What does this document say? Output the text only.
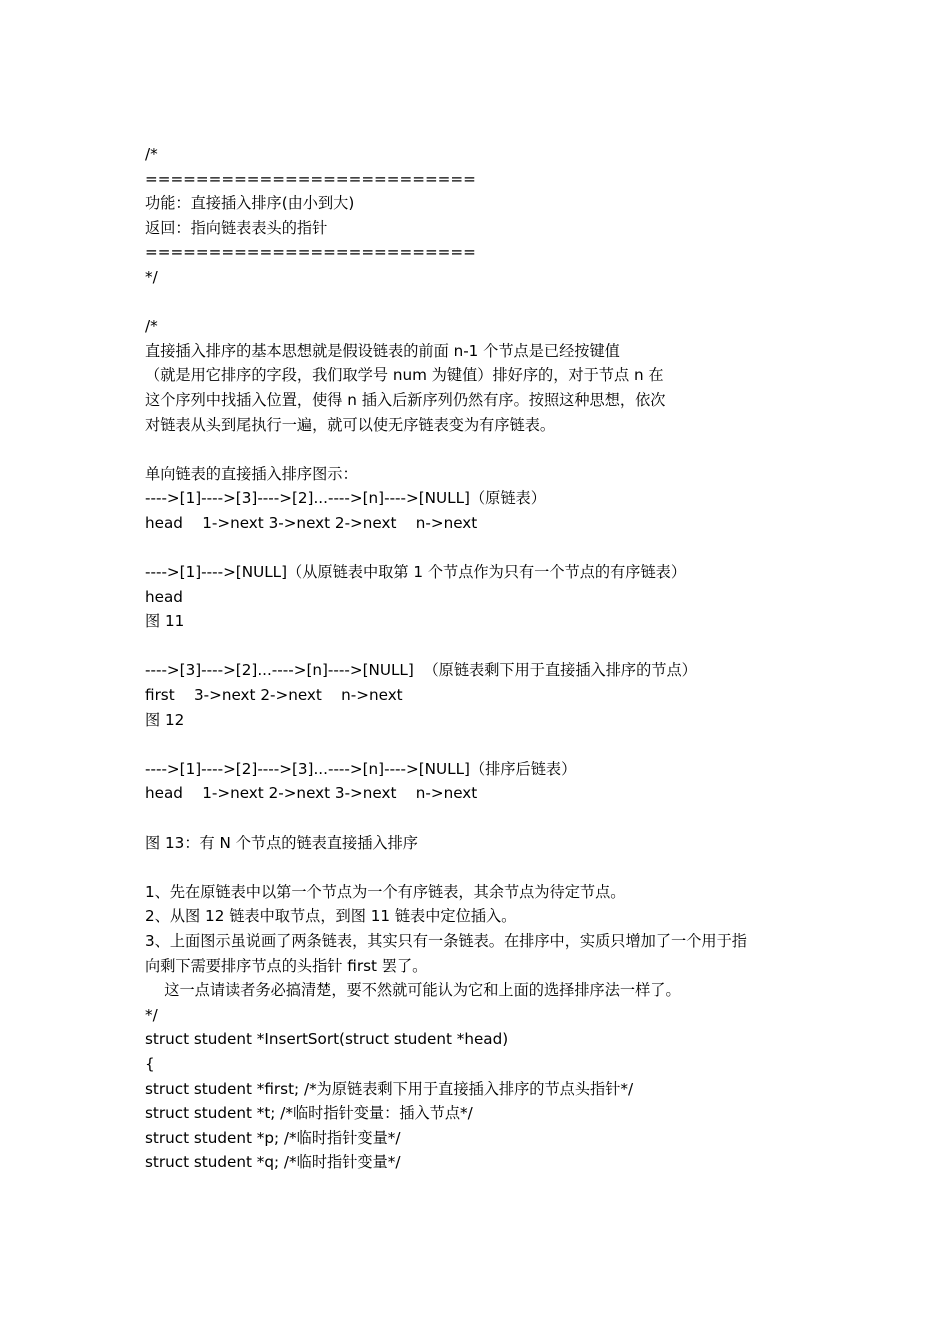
/*
==========================
功能：直接插入排序(由小到大)
返回：指向链表表头的指针
==========================
*/
/*
直接插入排序的基本思想就是假设链表的前面 n-1 个节点是已经按键值
（就是用它排序的字段，我们取学号 num 为键值）排好序的，对于节点 n 在
这个序列中找插入位置，使得 n 插入后新序列仍然有序。按照这种思想，依次
对链表从头到尾执行一遍，就可以使无序链表变为有序链表。
单向链表的直接插入排序图示：
---->[1]---->[3]---->[2]...---->[n]---->[NULL]（原链表）
head    1->next 3->next 2->next    n->next
---->[1]---->[NULL]（从原链表中取第 1 个节点作为只有一个节点的有序链表）
head
图 11
---->[3]---->[2]...---->[n]---->[NULL]  （原链表剩下用于直接插入排序的节点）
first    3->next 2->next    n->next
图 12
---->[1]---->[2]---->[3]...---->[n]---->[NULL]（排序后链表）
head    1->next 2->next 3->next    n->next
图 13：有 N 个节点的链表直接插入排序
1、先在原链表中以第一个节点为一个有序链表，其余节点为待定节点。
2、从图 12 链表中取节点，到图 11 链表中定位插入。
3、上面图示虽说画了两条链表，其实只有一条链表。在排序中，实质只增加了一个用于指
向剩下需要排序节点的头指针 first 罢了。
这一点请读者务必搞清楚，要不然就可能认为它和上面的选择排序法一样了。
*/
struct student *InsertSort(struct student *head)
{
struct student *first; /*为原链表剩下用于直接插入排序的节点头指针*/
struct student *t; /*临时指针变量：插入节点*/
struct student *p; /*临时指针变量*/
struct student *q; /*临时指针变量*/
